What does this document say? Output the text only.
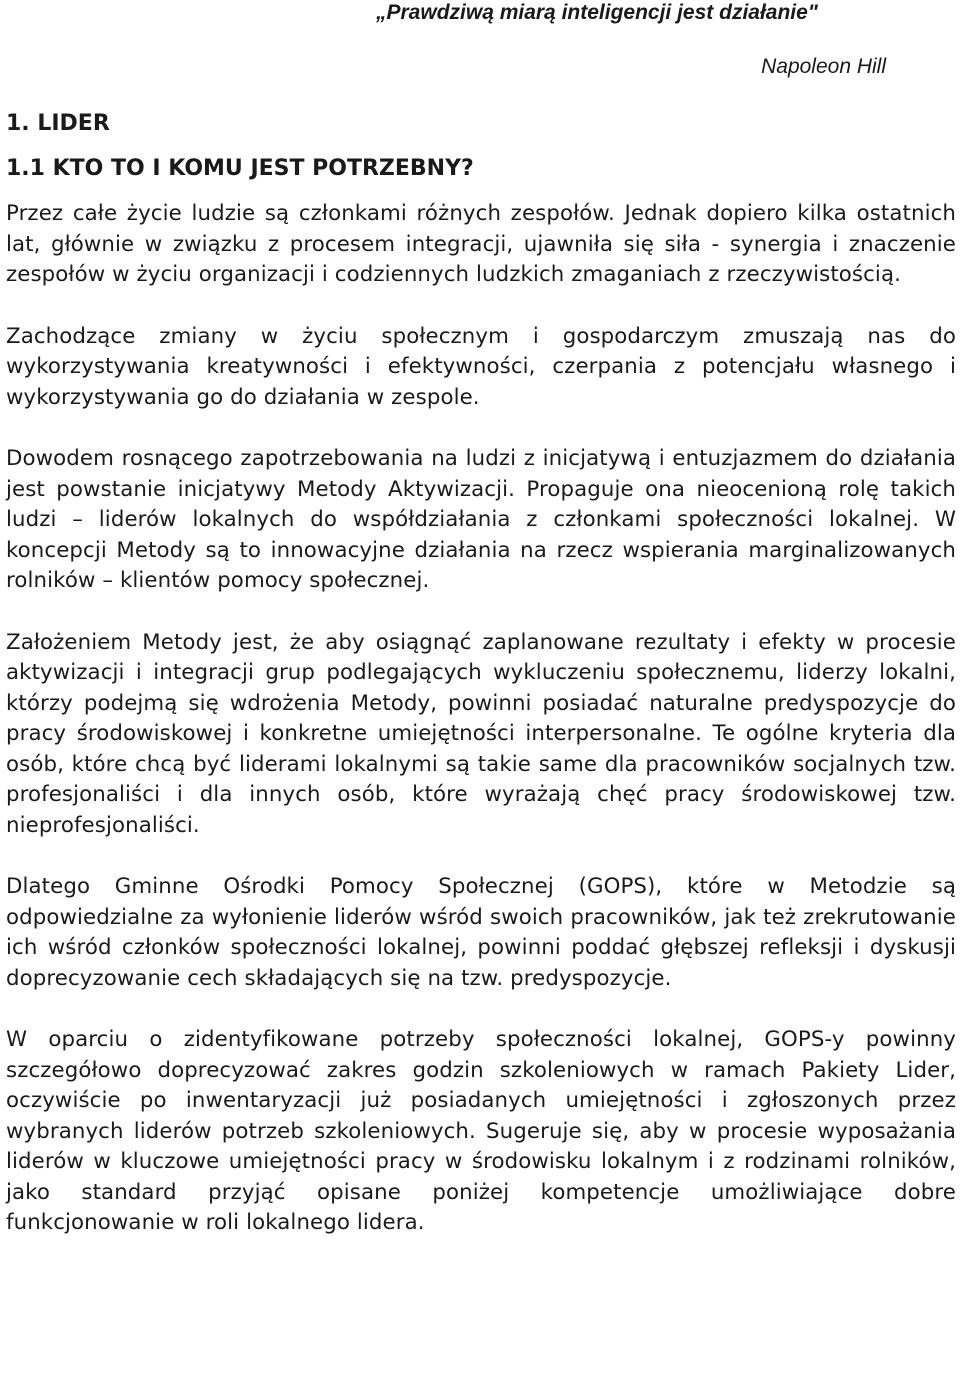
„Prawdziwą miarą inteligencji jest działanie"
Napoleon Hill
1. LIDER
1.1 KTO TO I KOMU JEST POTRZEBNY?

Przez całe życie ludzie są członkami różnych zespołów. Jednak dopiero kilka ostatnich lat, głównie w związku z procesem integracji, ujawniła się siła - synergia i znaczenie zespołów w życiu organizacji i codziennych ludzkich zmaganiach z rzeczywistością.

Zachodzące zmiany w życiu społecznym i gospodarczym zmuszają nas do wykorzystywania kreatywności i efektywności, czerpania z potencjału własnego i wykorzystywania go do działania w zespole.

Dowodem rosnącego zapotrzebowania na ludzi z inicjatywą i entuzjazmem do działania jest powstanie inicjatywy Metody Aktywizacji. Propaguje ona nieocenioną rolę takich ludzi – liderów lokalnych do współdziałania z członkami społeczności lokalnej. W koncepcji Metody są to innowacyjne działania na rzecz wspierania marginalizowanych rolników – klientów pomocy społecznej.

Założeniem Metody jest, że aby osiągnąć zaplanowane rezultaty i efekty w procesie aktywizacji i integracji grup podlegających wykluczeniu społecznemu, liderzy lokalni, którzy podejmą się wdrożenia Metody, powinni posiadać naturalne predyspozycje do pracy środowiskowej i konkretne umiejętności interpersonalne. Te ogólne kryteria dla osób, które chcą być liderami lokalnymi są takie same dla pracowników socjalnych tzw. profesjonaliści i dla innych osób, które wyrażają chęć pracy środowiskowej tzw. nieprofesjonaliści.

Dlatego Gminne Ośrodki Pomocy Społecznej (GOPS), które w Metodzie są odpowiedzialne za wyłonienie liderów wśród swoich pracowników, jak też zrekrutowanie ich wśród członków społeczności lokalnej, powinni poddać głębszej refleksji i dyskusji doprecyzowanie cech składających się na tzw. predyspozycje.

W oparciu o zidentyfikowane potrzeby społeczności lokalnej, GOPS-y powinny szczegółowo doprecyzować zakres godzin szkoleniowych w ramach Pakiety Lider, oczywiście po inwentaryzacji już posiadanych umiejętności i zgłoszonych przez wybranych liderów potrzeb szkoleniowych. Sugeruje się, aby w procesie wyposażania liderów w kluczowe umiejętności pracy w środowisku lokalnym i z rodzinami rolników, jako standard przyjąć opisane poniżej kompetencje umożliwiające dobre funkcjonowanie w roli lokalnego lidera.
